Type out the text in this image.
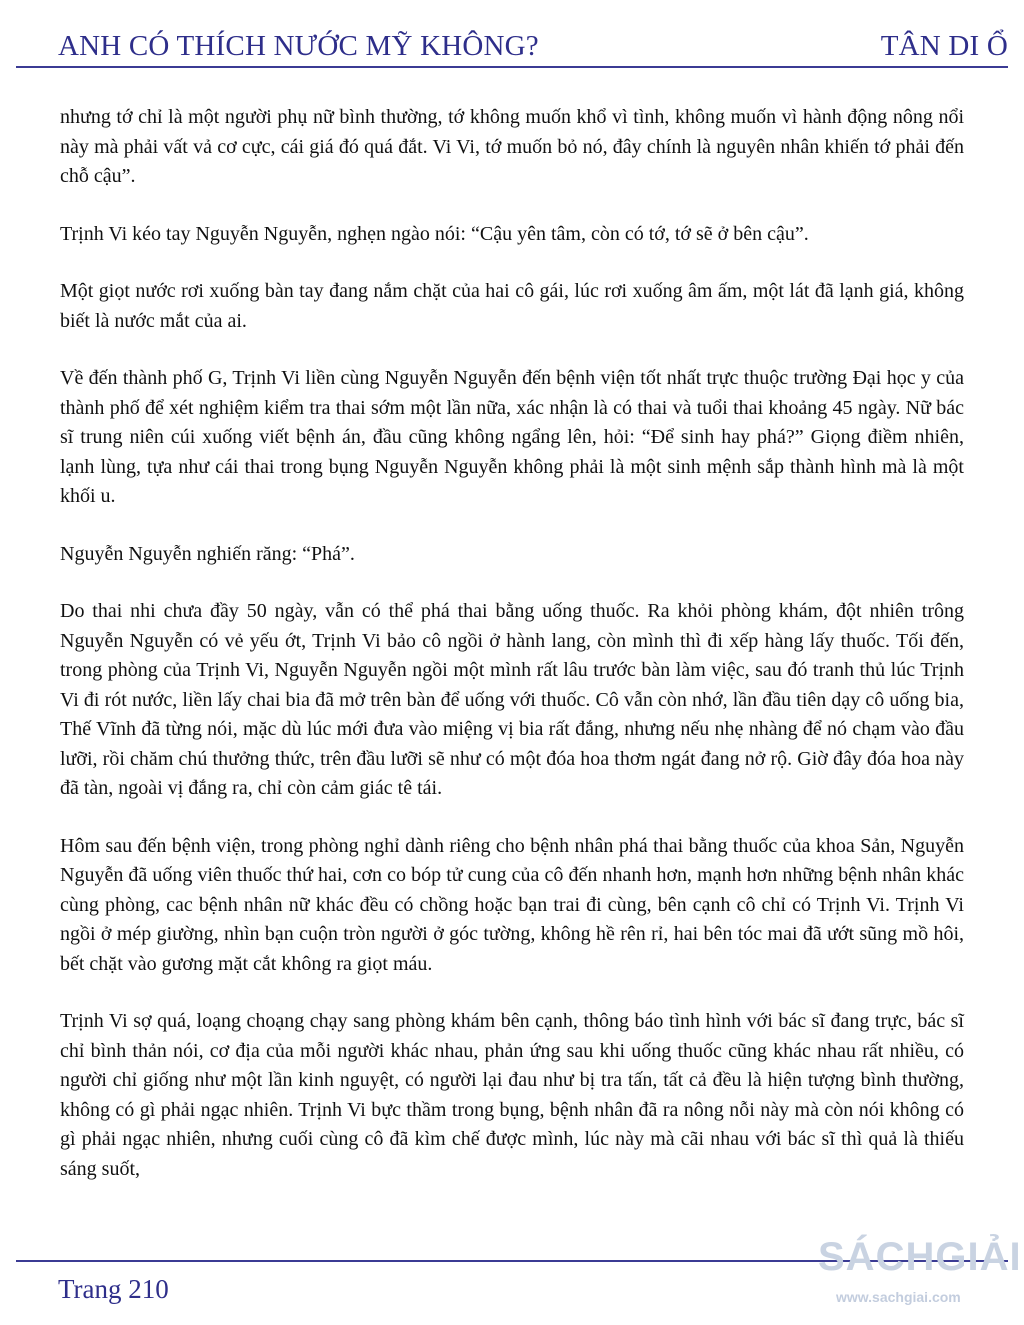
ANH CÓ THÍCH NƯỚC MỸ KHÔNG?	TÂN DI Ổ

nhưng tớ chỉ là một người phụ nữ bình thường, tớ không muốn khổ vì tình, không muốn vì hành động nông nổi này mà phải vất vả cơ cực, cái giá đó quá đắt. Vi Vi, tớ muốn bỏ nó, đây chính là nguyên nhân khiến tớ phải đến chỗ cậu”.

Trịnh Vi kéo tay Nguyễn Nguyễn, nghẹn ngào nói: “Cậu yên tâm, còn có tớ, tớ sẽ ở bên cậu”.

Một giọt nước rơi xuống bàn tay đang nắm chặt của hai cô gái, lúc rơi xuống âm ấm, một lát đã lạnh giá, không biết là nước mắt của ai.

Về đến thành phố G, Trịnh Vi liền cùng Nguyễn Nguyễn đến bệnh viện tốt nhất trực thuộc trường Đại học y của thành phố để xét nghiệm kiểm tra thai sớm một lần nữa, xác nhận là có thai và tuổi thai khoảng 45 ngày. Nữ bác sĩ trung niên cúi xuống viết bệnh án, đầu cũng không ngẩng lên, hỏi: “Để sinh hay phá?” Giọng điềm nhiên, lạnh lùng, tựa như cái thai trong bụng Nguyễn Nguyễn không phải là một sinh mệnh sắp thành hình mà là một khối u.

Nguyễn Nguyễn nghiến răng: “Phá”.

Do thai nhi chưa đầy 50 ngày, vẫn có thể phá thai bằng uống thuốc. Ra khỏi phòng khám, đột nhiên trông Nguyễn Nguyễn có vẻ yếu ớt, Trịnh Vi bảo cô ngồi ở hành lang, còn mình thì đi xếp hàng lấy thuốc. Tối đến, trong phòng của Trịnh Vi, Nguyễn Nguyễn ngồi một mình rất lâu trước bàn làm việc, sau đó tranh thủ lúc Trịnh Vi đi rót nước, liền lấy chai bia đã mở trên bàn để uống với thuốc. Cô vẫn còn nhớ, lần đầu tiên dạy cô uống bia, Thế Vĩnh đã từng nói, mặc dù lúc mới đưa vào miệng vị bia rất đắng, nhưng nếu nhẹ nhàng để nó chạm vào đầu lưỡi, rồi chăm chú thưởng thức, trên đầu lưỡi sẽ như có một đóa hoa thơm ngát đang nở rộ. Giờ đây đóa hoa này đã tàn, ngoài vị đắng ra, chỉ còn cảm giác tê tái.

Hôm sau đến bệnh viện, trong phòng nghỉ dành riêng cho bệnh nhân phá thai bằng thuốc của khoa Sản, Nguyễn Nguyễn đã uống viên thuốc thứ hai, cơn co bóp tử cung của cô đến nhanh hơn, mạnh hơn những bệnh nhân khác cùng phòng, cac bệnh nhân nữ khác đều có chồng hoặc bạn trai đi cùng, bên cạnh cô chỉ có Trịnh Vi. Trịnh Vi ngồi ở mép giường, nhìn bạn cuộn tròn người ở góc tường, không hề rên rỉ, hai bên tóc mai đã ướt sũng mồ hôi, bết chặt vào gương mặt cắt không ra giọt máu.

Trịnh Vi sợ quá, loạng choạng chạy sang phòng khám bên cạnh, thông báo tình hình với bác sĩ đang trực, bác sĩ chỉ bình thản nói, cơ địa của mỗi người khác nhau, phản ứng sau khi uống thuốc cũng khác nhau rất nhiều, có người chỉ giống như một lần kinh nguyệt, có người lại đau như bị tra tấn, tất cả đều là hiện tượng bình thường, không có gì phải ngạc nhiên. Trịnh Vi bực thầm trong bụng, bệnh nhân đã ra nông nỗi này mà còn nói không có gì phải ngạc nhiên, nhưng cuối cùng cô đã kìm chế được mình, lúc này mà cãi nhau với bác sĩ thì quả là thiếu sáng suốt,

Trang 210
SÁCHGIẢI
www.sachgiai.com
